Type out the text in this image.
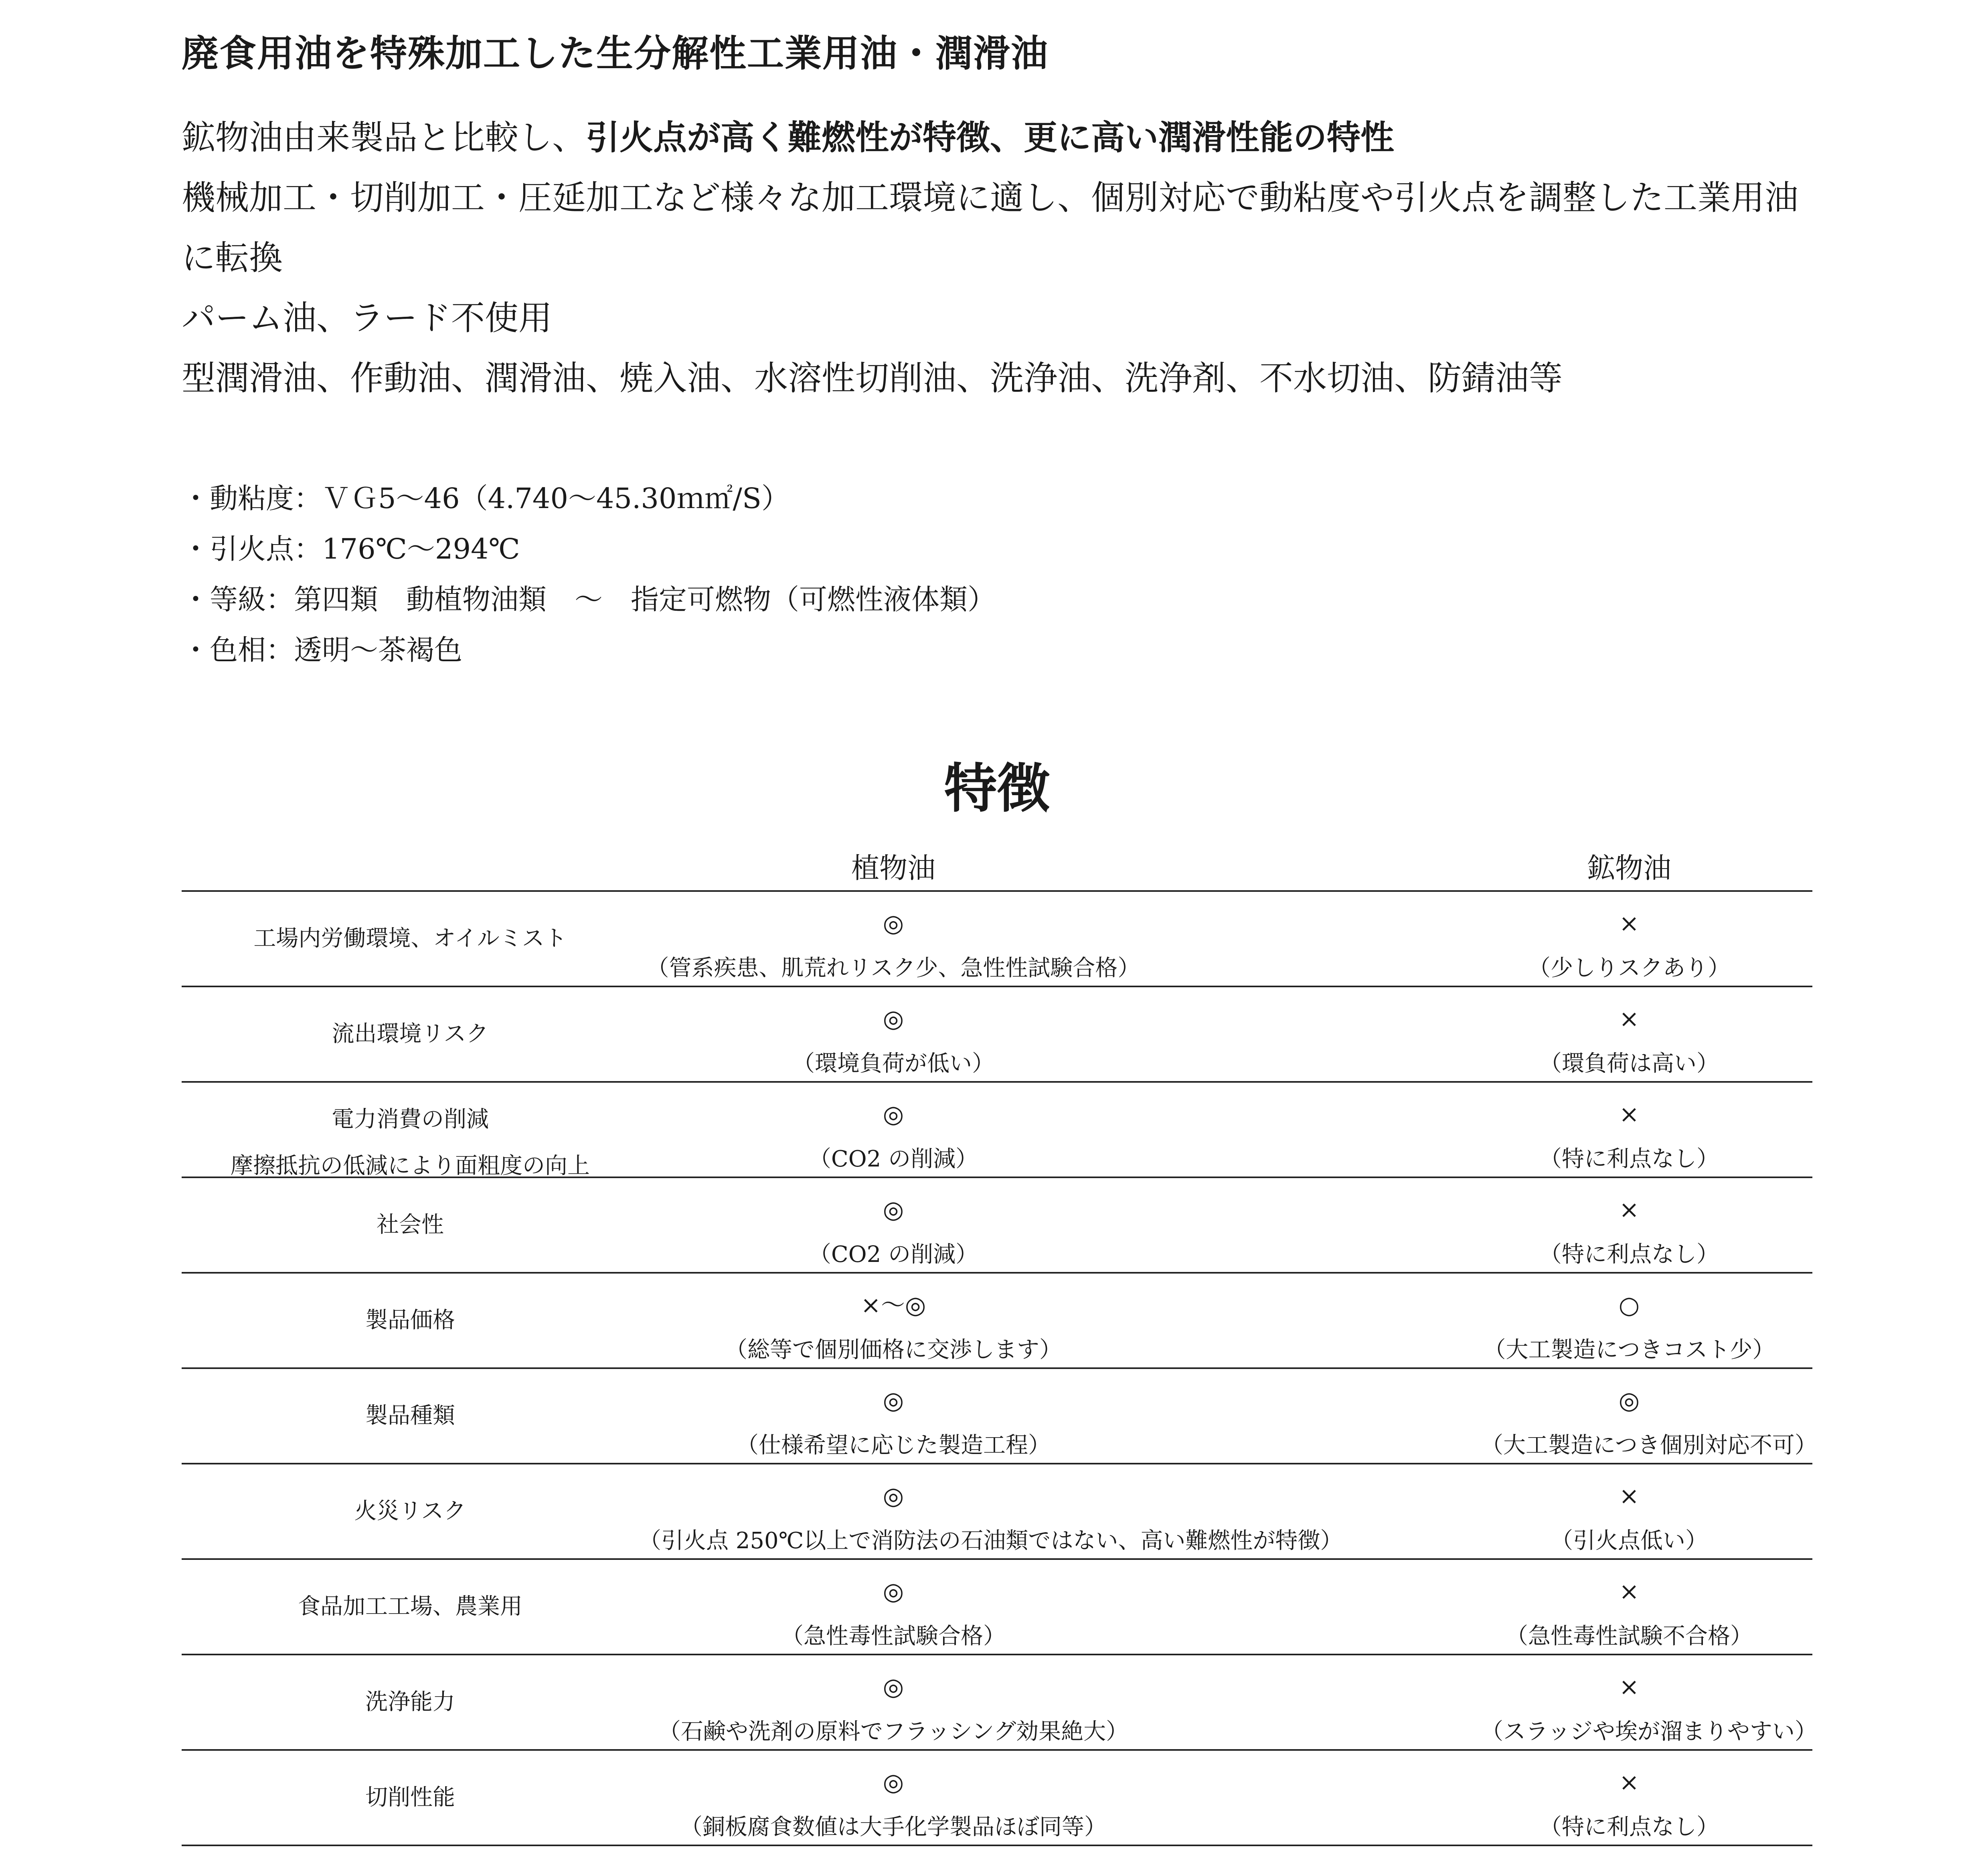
廃食用油を特殊加工した生分解性工業用油・潤滑油
鉱物油由来製品と比較し、引火点が高く難燃性が特徴、更に高い潤滑性能の特性
機械加工・切削加工・圧延加工など様々な加工環境に適し、個別対応で動粘度や引火点を調整した工業用油に転換
パーム油、ラード不使用
型潤滑油、作動油、潤滑油、焼入油、水溶性切削油、洗浄油、洗浄剤、不水切油、防錆油等
・動粘度：ＶＧ5〜46（4.740〜45.30ｍ㎡/S）
・引火点：176℃〜294℃
・等級：第四類　動植物油類　〜　指定可燃物（可燃性液体類）
・色相：透明〜茶褐色
特徴
植物油	鉱物油
工場内労働環境、オイルミスト
◎
（管系疾患、肌荒れリスク少、急性性試験合格）
×
（少しりスクあり）
流出環境リスク
◎
（環境負荷が低い）
×
（環負荷は高い）
電力消費の削減
摩擦抵抗の低減により面粗度の向上
◎
（CO2 の削減）
×
（特に利点なし）
社会性
◎
（CO2 の削減）
×
（特に利点なし）
製品価格
×〜◎
（総等で個別価格に交渉します）
○
（大工製造につきコスト少）
製品種類
◎
（仕様希望に応じた製造工程）
◎
（大工製造につき個別対応不可）
火災リスク
◎
（引火点 250℃以上で消防法の石油類ではない、高い難燃性が特徴）
×
（引火点低い）
食品加工工場、農業用
◎
（急性毒性試験合格）
×
（急性毒性試験不合格）
洗浄能力
◎
（石鹸や洗剤の原料でフラッシング効果絶大）
×
（スラッジや埃が溜まりやすい）
切削性能
◎
（銅板腐食数値は大手化学製品ほぼ同等）
×
（特に利点なし）
